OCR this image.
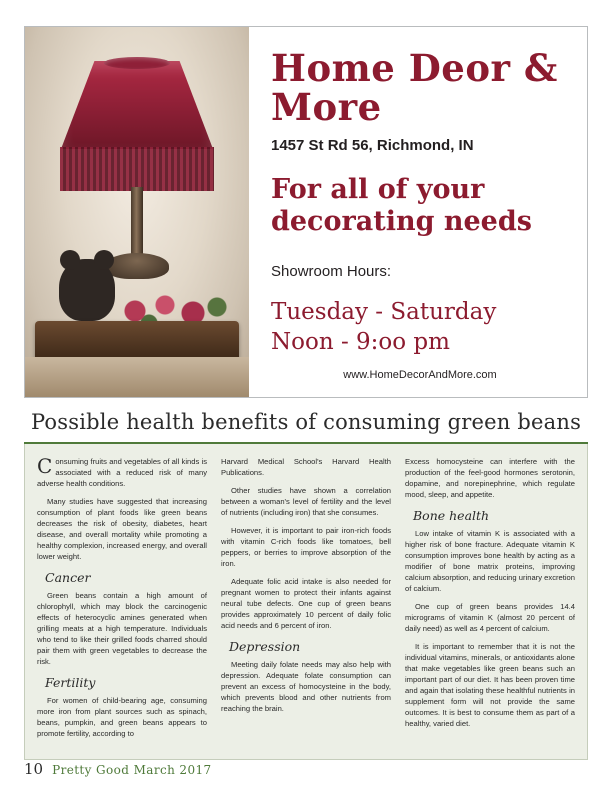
Home Deor & More
1457 St Rd 56, Richmond, IN
For all of your
decorating needs
Showroom Hours:
Tuesday - Saturday
Noon - 9:oo pm
www.HomeDecorAndMore.com
Possible health benefits of consuming green beans

Consuming fruits and vegetables of all kinds is associated with a reduced risk of many adverse health conditions.

Many studies have suggested that increasing consumption of plant foods like green beans decreases the risk of obesity, diabetes, heart disease, and overall mortality while promoting a healthy complexion, increased energy, and overall lower weight.

Cancer

Green beans contain a high amount of chlorophyll, which may block the carcinogenic effects of heterocyclic amines generated when grilling meats at a high temperature. Individuals who tend to like their grilled foods charred should pair them with green vegetables to decrease the risk.

Fertility

For women of child-bearing age, consuming more iron from plant sources such as spinach, beans, pumpkin, and green beans appears to promote fertility, according to

Harvard Medical School's Harvard Health Publications.

Other studies have shown a correlation between a woman's level of fertility and the level of nutrients (including iron) that she consumes.

However, it is important to pair iron-rich foods with vitamin C-rich foods like tomatoes, bell peppers, or berries to improve absorption of the iron.

Adequate folic acid intake is also needed for pregnant women to protect their infants against neural tube defects. One cup of green beans provides approximately 10 percent of daily folic acid needs and 6 percent of iron.

Depression

Meeting daily folate needs may also help with depression. Adequate folate consumption can prevent an excess of homocysteine in the body, which prevents blood and other nutrients from reaching the brain.

Excess homocysteine can interfere with the production of the feel-good hormones serotonin, dopamine, and norepinephrine, which regulate mood, sleep, and appetite.

Bone health

Low intake of vitamin K is associated with a higher risk of bone fracture. Adequate vitamin K consumption improves bone health by acting as a modifier of bone matrix proteins, improving calcium absorption, and reducing urinary excretion of calcium.

One cup of green beans provides 14.4 micrograms of vitamin K (almost 20 percent of daily need) as well as 4 percent of calcium.

It is important to remember that it is not the individual vitamins, minerals, or antioxidants alone that make vegetables like green beans such an important part of our diet. It has been proven time and again that isolating these healthful nutrients in supplement form will not provide the same outcomes. It is best to consume them as part of a healthy, varied diet.

10 Pretty Good March 2017
